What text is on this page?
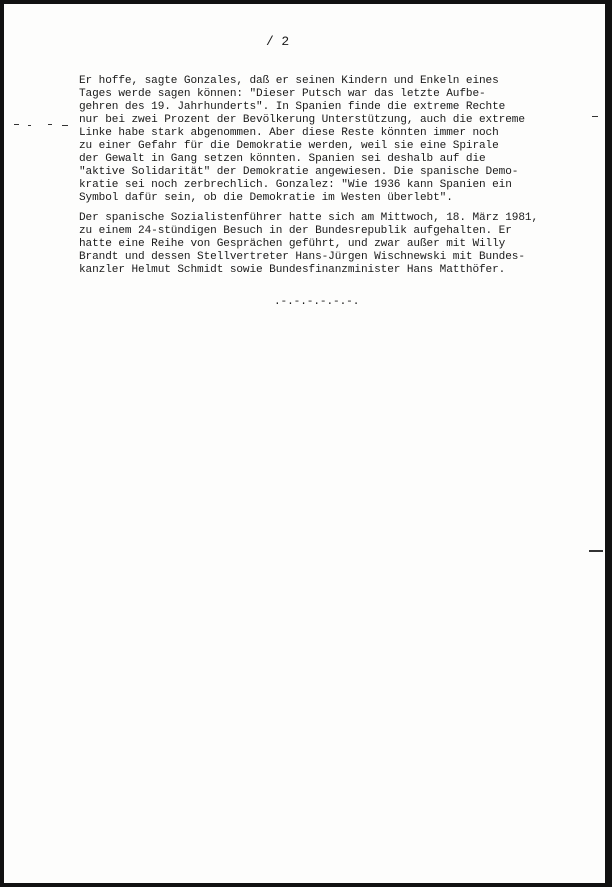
/ 2
Er hoffe, sagte Gonzales, daß er seinen Kindern und Enkeln eines
Tages werde sagen können: "Dieser Putsch war das letzte Aufbe-
gehren des 19. Jahrhunderts". In Spanien finde die extreme Rechte
nur bei zwei Prozent der Bevölkerung Unterstützung, auch die extreme
Linke habe stark abgenommen. Aber diese Reste könnten immer noch
zu einer Gefahr für die Demokratie werden, weil sie eine Spirale
der Gewalt in Gang setzen könnten. Spanien sei deshalb auf die
"aktive Solidarität" der Demokratie angewiesen. Die spanische Demo-
kratie sei noch zerbrechlich. Gonzalez: "Wie 1936 kann Spanien ein
Symbol dafür sein, ob die Demokratie im Westen überlebt".
Der spanische Sozialistenführer hatte sich am Mittwoch, 18. März 1981,
zu einem 24-stündigen Besuch in der Bundesrepublik aufgehalten. Er
hatte eine Reihe von Gesprächen geführt, und zwar außer mit Willy
Brandt und dessen Stellvertreter Hans-Jürgen Wischnewski mit Bundes-
kanzler Helmut Schmidt sowie Bundesfinanzminister Hans Matthöfer.
.-.-.-.-.-.-.
